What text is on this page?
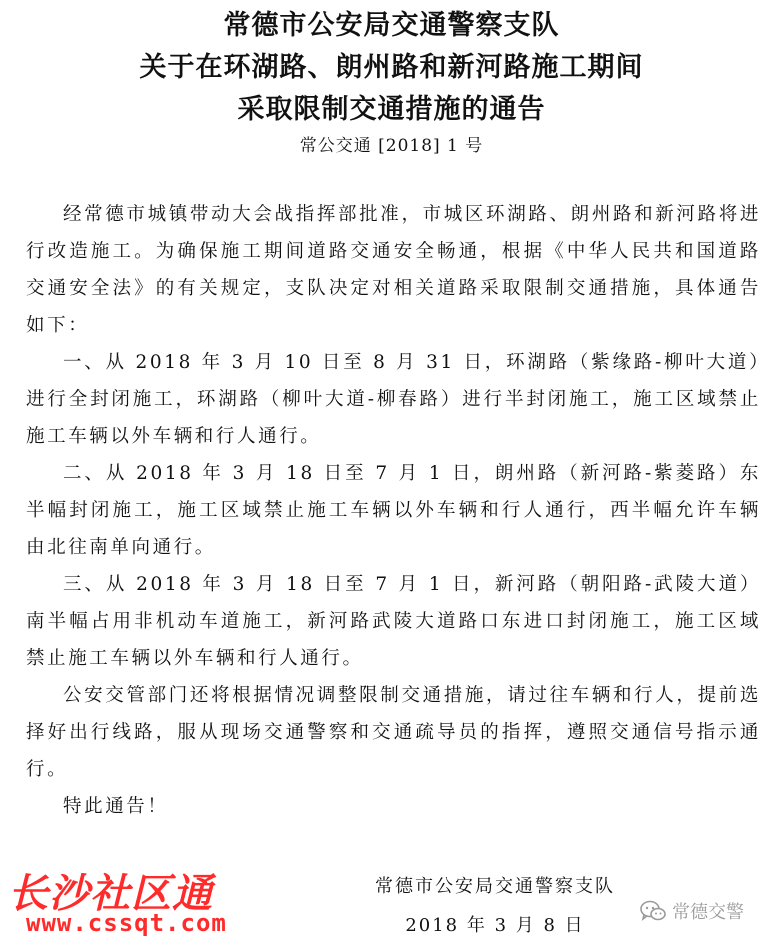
常德市公安局交通警察支队
关于在环湖路、朗州路和新河路施工期间
采取限制交通措施的通告
常公交通 [2018] 1 号

经常德市城镇带动大会战指挥部批准，市城区环湖路、朗州路和新河路将进行改造施工。为确保施工期间道路交通安全畅通，根据《中华人民共和国道路交通安全法》的有关规定，支队决定对相关道路采取限制交通措施，具体通告如下：

一、从 2018 年 3 月 10 日至 8 月 31 日，环湖路（紫缘路-柳叶大道）进行全封闭施工，环湖路（柳叶大道-柳春路）进行半封闭施工，施工区域禁止施工车辆以外车辆和行人通行。

二、从 2018 年 3 月 18 日至 7 月 1 日，朗州路（新河路-紫菱路）东半幅封闭施工，施工区域禁止施工车辆以外车辆和行人通行，西半幅允许车辆由北往南单向通行。

三、从 2018 年 3 月 18 日至 7 月 1 日，新河路（朝阳路-武陵大道）南半幅占用非机动车道施工，新河路武陵大道路口东进口封闭施工，施工区域禁止施工车辆以外车辆和行人通行。

公安交管部门还将根据情况调整限制交通措施，请过往车辆和行人，提前选择好出行线路，服从现场交通警察和交通疏导员的指挥，遵照交通信号指示通行。

特此通告！

常德市公安局交通警察支队
2018 年 3 月 8 日
长沙社区通
www.cssqt.com	常德交警
